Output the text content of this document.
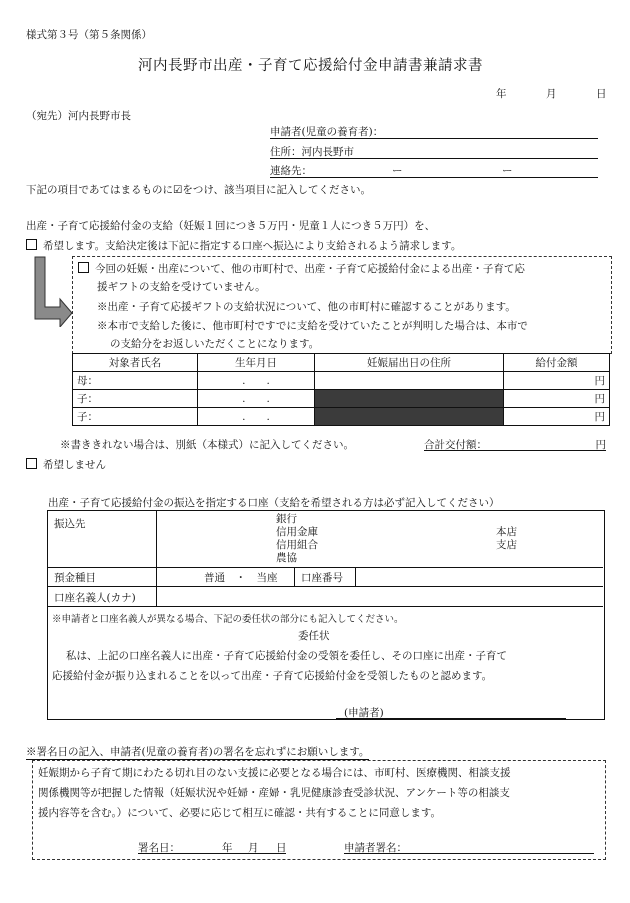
様式第３号（第５条関係）
河内長野市出産・子育て応援給付金申請書兼請求書
年	月	日
（宛先）河内長野市長
申請者(児童の養育者)：
住所：河内長野市
連絡先：	ー	ー
下記の項目であてはまるものに☑をつけ、該当項目に記入してください。
出産・子育て応援給付金の支給（妊娠１回につき５万円・児童１人につき５万円）を、
希望します。支給決定後は下記に指定する口座へ振込により支給されるよう請求します。
今回の妊娠・出産について、他の市町村で、出産・子育て応援給付金による出産・子育て応
援ギフトの支給を受けていません。
※出産・子育て応援ギフトの支給状況について、他の市町村に確認することがあります。
※本市で支給した後に、他市町村ですでに支給を受けていたことが判明した場合は、本市で
の支給分をお返しいただくことになります。
対象者氏名	生年月日	妊娠届出日の住所	給付金額
母：	.　　.		円
子：	.　　.		円
子：	.　　.		円
※書ききれない場合は、別紙（本様式）に記入してください。	合計交付額：	円
希望しません
出産・子育て応援給付金の振込を指定する口座（支給を希望される方は必ず記入してください）
振込先	銀行
信用金庫
信用組合
農協
本店
支店
預金種目	普通　・　当座 口座番号
口座名義人(カナ)
※申請者と口座名義人が異なる場合、下記の委任状の部分にも記入してください。
委任状
私は、上記の口座名義人に出産・子育て応援給付金の受領を委任し、その口座に出産・子育て
応援給付金が振り込まれることを以って出産・子育て応援給付金を受領したものと認めます。
(申請者)
※署名日の記入、申請者(児童の養育者)の署名を忘れずにお願いします。
妊娠期から子育て期にわたる切れ目のない支援に必要となる場合には、市町村、医療機関、相談支援
関係機関等が把握した情報（妊娠状況や妊婦・産婦・乳児健康診査受診状況、アンケート等の相談支
援内容等を含む。）について、必要に応じて相互に確認・共有することに同意します。
署名日：	年 月 日	申請者署名：
